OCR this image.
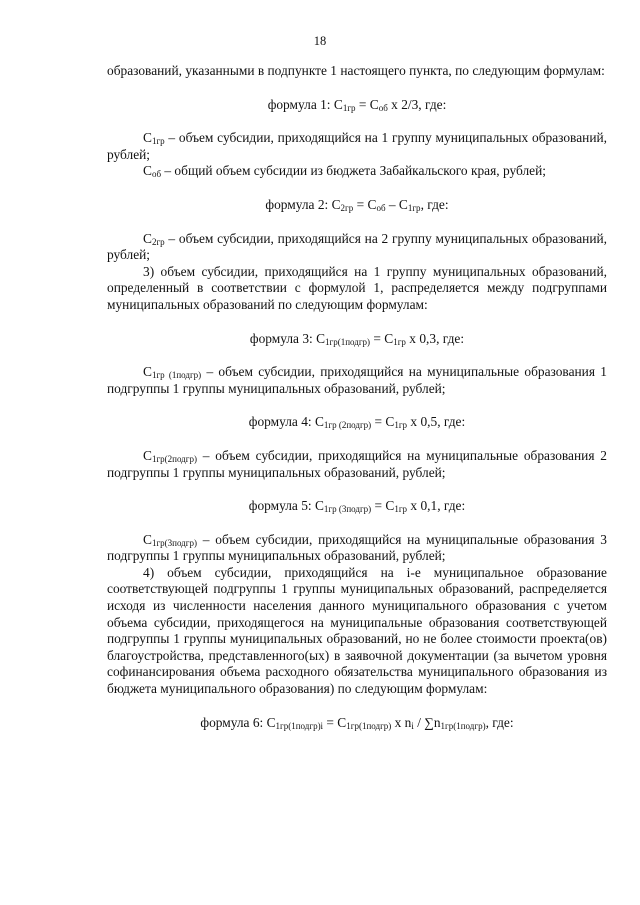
18

образований, указанными в подпункте 1 настоящего пункта, по следующим формулам:

формула 1: $С_{1гр} = С_{об}$ x 2/3, где:

$С_{1гр}$ – объем субсидии, приходящийся на 1 группу муниципальных образований, рублей;

$С_{об}$ – общий объем субсидии из бюджета Забайкальского края, рублей;

формула 2: $С_{2гр} = С_{об} - С_{1гр}$, где:

$С_{2гр}$ – объем субсидии, приходящийся на 2 группу муниципальных образований, рублей;

3) объем субсидии, приходящийся на 1 группу муниципальных образований, определенный в соответствии с формулой 1, распределяется между подгруппами муниципальных образований по следующим формулам:

формула 3: $С_{1гр(1подгр)} = С_{1гр}$ x 0,3, где:

$С_{1гр (1подгр)}$ – объем субсидии, приходящийся на муниципальные образования 1 подгруппы 1 группы муниципальных образований, рублей;

формула 4: $С_{1гр (2подгр)} = С_{1гр}$ x 0,5, где:

$С_{1гр(2подгр)}$ – объем субсидии, приходящийся на муниципальные образования 2 подгруппы 1 группы муниципальных образований, рублей;

формула 5: $С_{1гр (3подгр)} = С_{1гр}$ x 0,1, где:

$С_{1гр(3подгр)}$ – объем субсидии, приходящийся на муниципальные образования 3 подгруппы 1 группы муниципальных образований, рублей;

4) объем субсидии, приходящийся на i-е муниципальное образование соответствующей подгруппы 1 группы муниципальных образований, распределяется исходя из численности населения данного муниципального образования с учетом объема субсидии, приходящегося на муниципальные образования соответствующей подгруппы 1 группы муниципальных образований, но не более стоимости проекта(ов) благоустройства, представленного(ых) в заявочной документации (за вычетом уровня софинансирования объема расходного обязательства муниципального образования из бюджета муниципального образования) по следующим формулам:

формула 6: $С_{1гр(1подгр)i} = С_{1гр(1подгр)}$ x $n_i / \sum n_{1гр(1подгр)}$, где:
